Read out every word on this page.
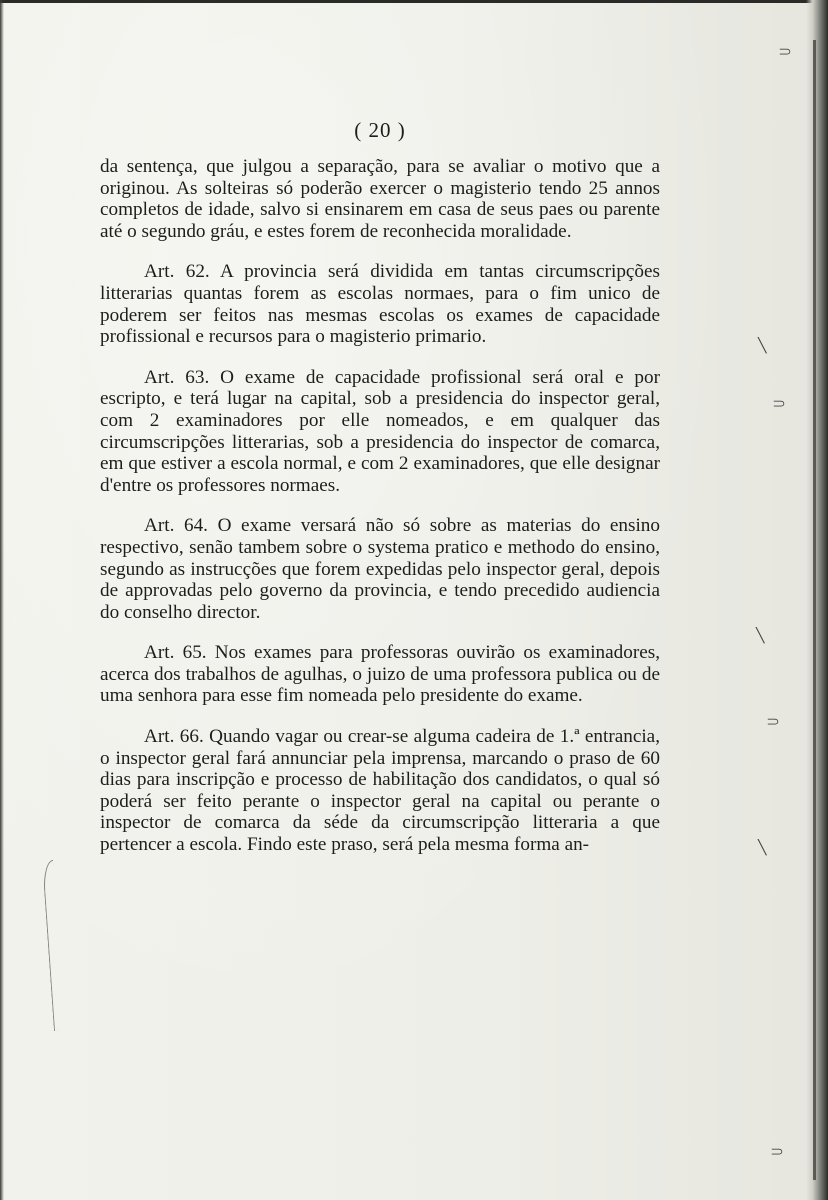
⸧
⸧
╲
╲
⸧
╲
⸧
( 20 )

da sentença, que julgou a separação, para se avaliar o motivo que a originou. As solteiras só poderão exercer o magisterio tendo 25 annos completos de idade, salvo si ensinarem em casa de seus paes ou parente até o segundo gráu, e estes forem de reconhecida moralidade.

Art. 62. A provincia será dividida em tantas circumscripções litterarias quantas forem as escolas normaes, para o fim unico de poderem ser feitos nas mesmas escolas os exames de capacidade profissional e recursos para o magisterio primario.

Art. 63. O exame de capacidade profissional será oral e por escripto, e terá lugar na capital, sob a presidencia do inspector geral, com 2 examinadores por elle nomeados, e em qualquer das circumscripções litterarias, sob a presidencia do inspector de comarca, em que estiver a escola normal, e com 2 examinadores, que elle designar d'entre os professores normaes.

Art. 64. O exame versará não só sobre as materias do ensino respectivo, senão tambem sobre o systema pratico e methodo do ensino, segundo as instrucções que forem expedidas pelo inspector geral, depois de approvadas pelo governo da provincia, e tendo precedido audiencia do conselho director.

Art. 65. Nos exames para professoras ouvirão os examinadores, acerca dos trabalhos de agulhas, o juizo de uma professora publica ou de uma senhora para esse fim nomeada pelo presidente do exame.

Art. 66. Quando vagar ou crear-se alguma cadeira de 1.ª entrancia, o inspector geral fará annunciar pela imprensa, marcando o praso de 60 dias para inscripção e processo de habilitação dos candidatos, o qual só poderá ser feito perante o inspector geral na capital ou perante o inspector de comarca da séde da circumscripção litteraria a que pertencer a escola. Findo este praso, será pela mesma forma an-
